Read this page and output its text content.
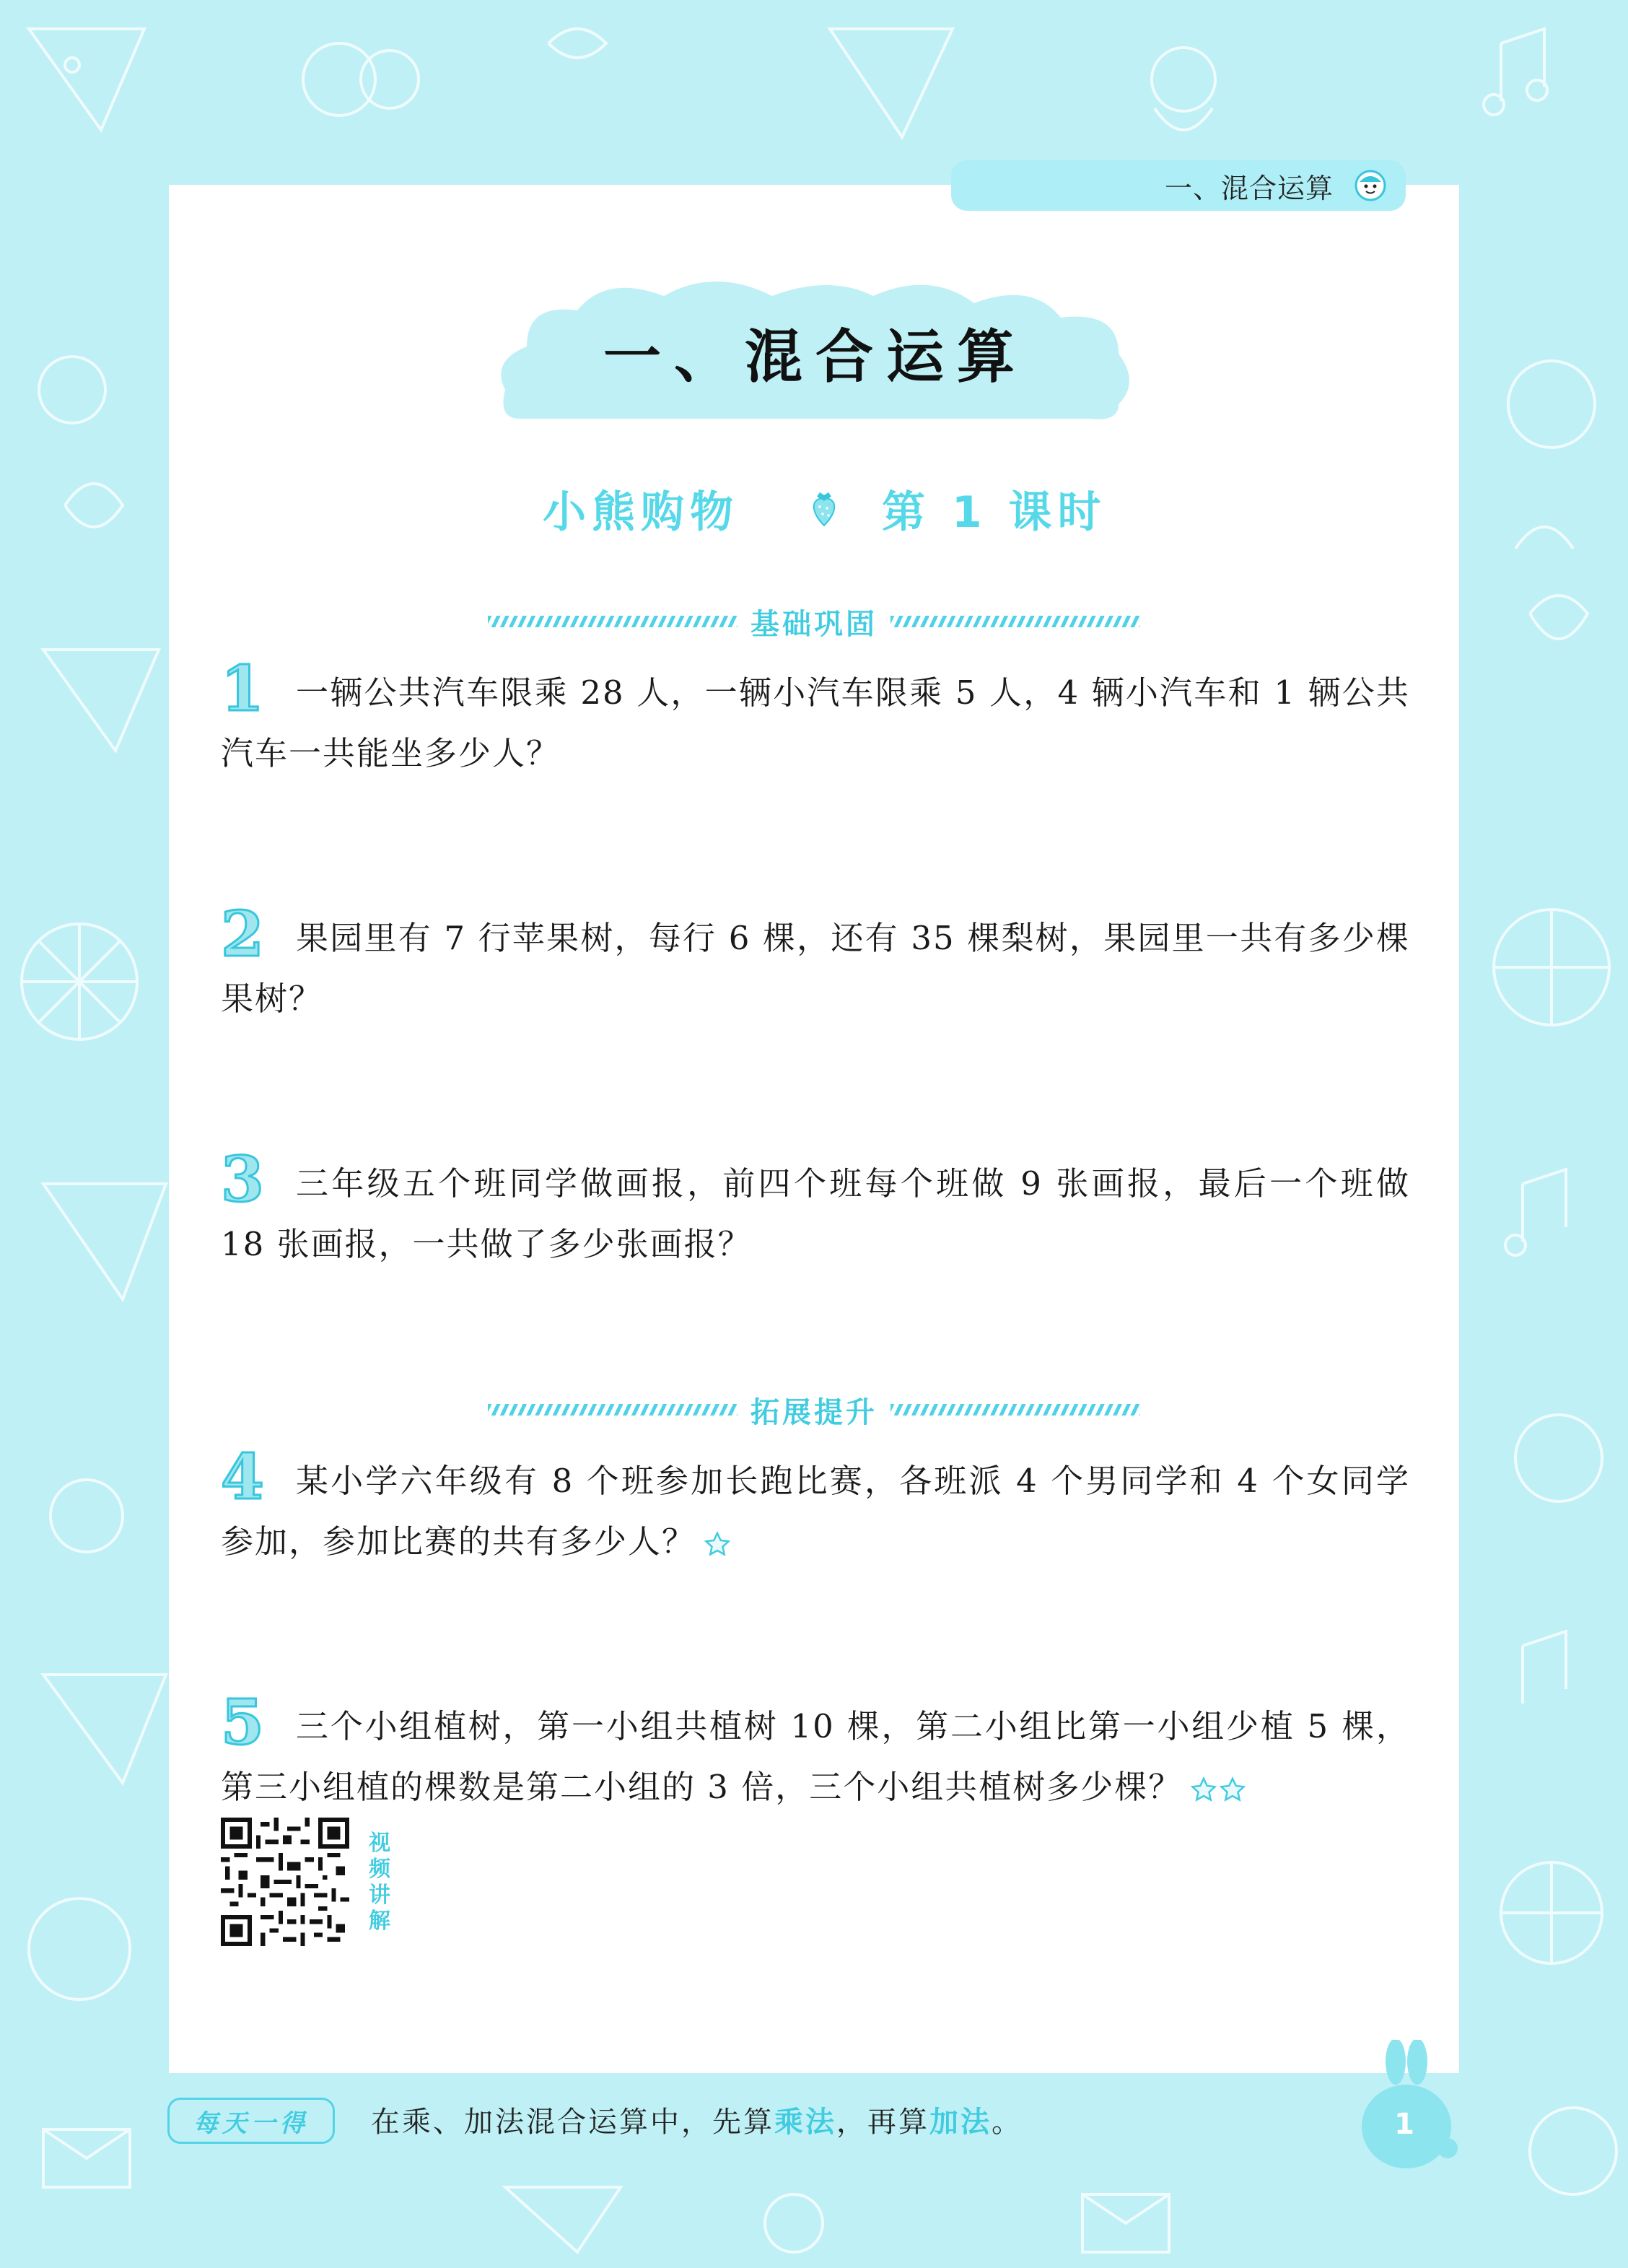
一、混合运算
一、混合运算
小熊购物	第 1 课时
基础巩固
1 一辆公共汽车限乘 28 人，一辆小汽车限乘 5 人，4 辆小汽车和 1 辆公共汽车一共能坐多少人？
2 果园里有 7 行苹果树，每行 6 棵，还有 35 棵梨树，果园里一共有多少棵果树？
3 三年级五个班同学做画报，前四个班每个班做 9 张画报，最后一个班做 18 张画报，一共做了多少张画报？
拓展提升
4 某小学六年级有 8 个班参加长跑比赛，各班派 4 个男同学和 4 个女同学参加，参加比赛的共有多少人？
5 三个小组植树，第一小组共植树 10 棵，第二小组比第一小组少植 5 棵，第三小组植的棵数是第二小组的 3 倍，三个小组共植树多少棵？
视频讲解
每天一得	在乘、加法混合运算中，先算乘法，再算加法。	1
